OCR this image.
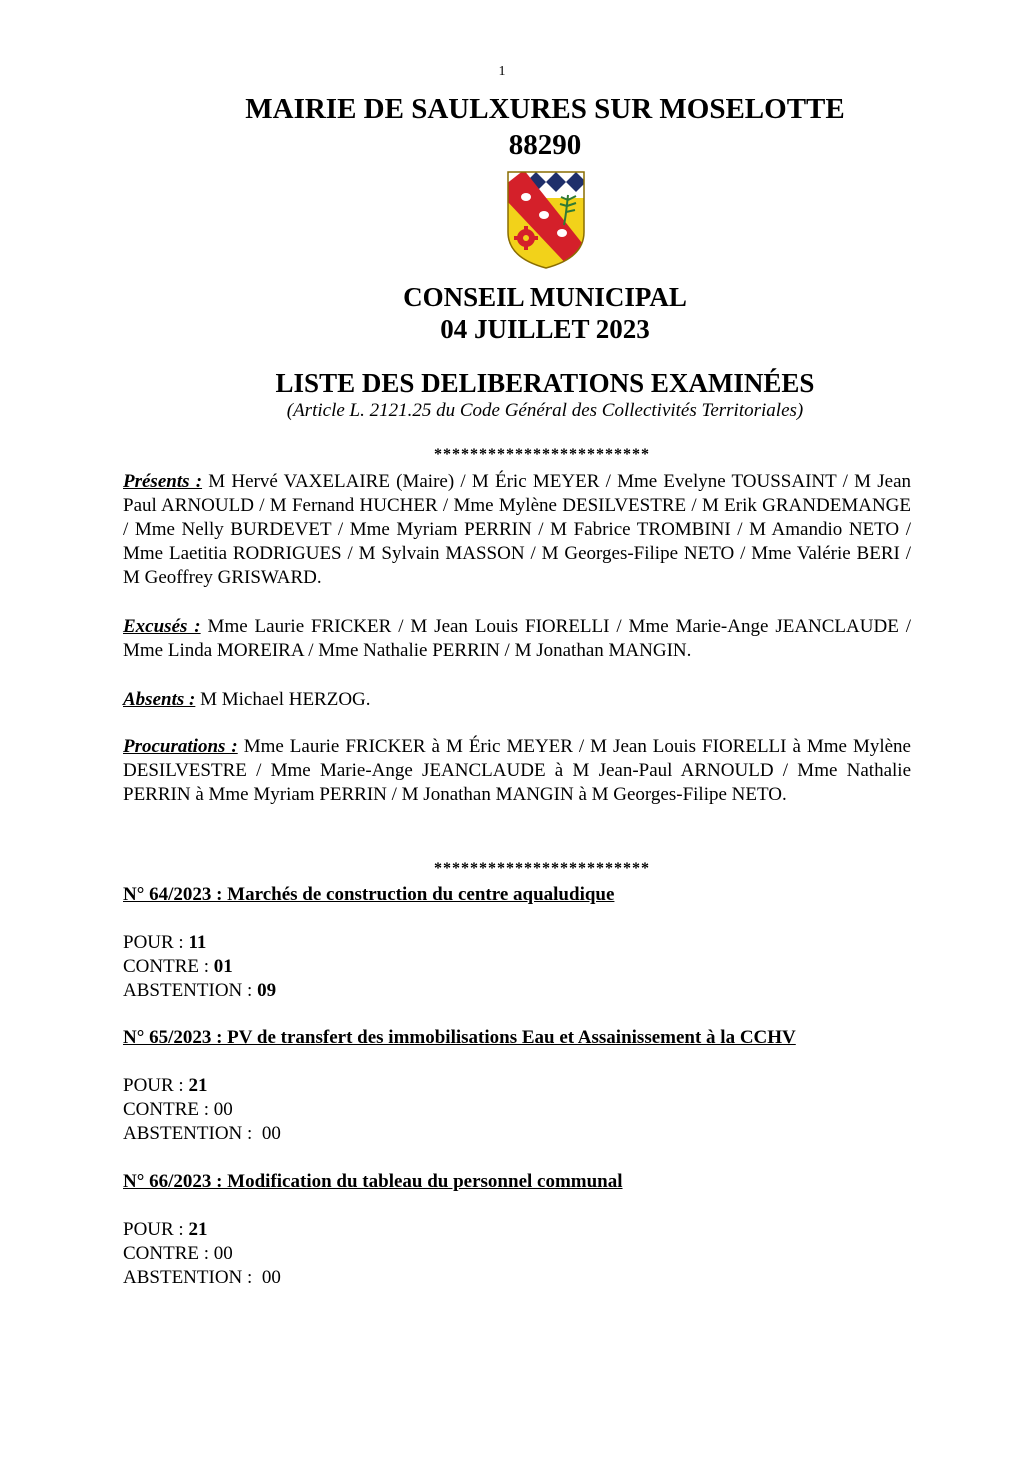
1
MAIRIE DE SAULXURES SUR MOSELOTTE
88290
CONSEIL MUNICIPAL
04 JUILLET 2023
LISTE DES DELIBERATIONS EXAMINÉES
(Article L. 2121.25 du Code Général des Collectivités Territoriales)
************************
Présents : M Hervé VAXELAIRE (Maire) / M Éric MEYER / Mme Evelyne TOUSSAINT / M Jean Paul ARNOULD / M Fernand HUCHER / Mme Mylène DESILVESTRE / M Erik GRANDEMANGE / Mme Nelly BURDEVET / Mme Myriam PERRIN / M Fabrice TROMBINI / M Amandio NETO / Mme Laetitia RODRIGUES / M Sylvain MASSON / M Georges-Filipe NETO / Mme Valérie BERI / M Geoffrey GRISWARD.
Excusés : Mme Laurie FRICKER / M Jean Louis FIORELLI / Mme Marie-Ange JEANCLAUDE / Mme Linda MOREIRA / Mme Nathalie PERRIN / M Jonathan MANGIN.
Absents : M Michael HERZOG.
Procurations : Mme Laurie FRICKER à M Éric MEYER / M Jean Louis FIORELLI à Mme Mylène DESILVESTRE / Mme Marie-Ange JEANCLAUDE à M Jean-Paul ARNOULD / Mme Nathalie PERRIN à Mme Myriam PERRIN / M Jonathan MANGIN à M Georges-Filipe NETO.
************************
N° 64/2023 : Marchés de construction du centre aqualudique
POUR : 11
CONTRE : 01
ABSTENTION : 09
N° 65/2023 : PV de transfert des immobilisations Eau et Assainissement à la CCHV
POUR : 21
CONTRE : 00
ABSTENTION :  00
N° 66/2023 : Modification du tableau du personnel communal
POUR : 21
CONTRE : 00
ABSTENTION :  00
